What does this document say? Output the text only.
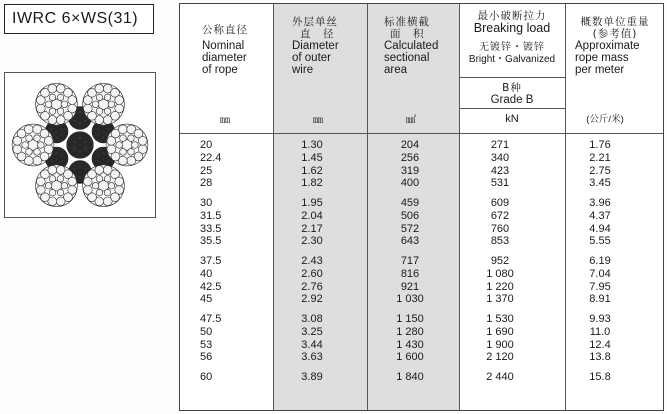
IWRC 6×WS(31)
公称直径
Nominal
diameter
of rope
㎜
外层单丝
直　径
Diameter
of outer
wire
㎜
标准横截
面　积
Calculated
sectional
area
㎟
最小破断拉力
Breaking load
无镀锌・镀锌
Bright・Galvanized
B种
Grade B
kN
概数单位重量
(参考值)
Approximate
rope mass
per meter
(公斤/米)
20	1.30	204	271	1.76
22.4	1.45	256	340	2.21
25	1.62	319	423	2.75
28	1.82	400	531	3.45
30	1.95	459	609	3.96
31.5	2.04	506	672	4.37
33.5	2.17	572	760	4.94
35.5	2.30	643	853	5.55
37.5	2.43	717	952	6.19
40	2.60	816	1 080	7.04
42.5	2.76	921	1 220	7.95
45	2.92	1 030	1 370	8.91
47.5	3.08	1 150	1 530	9.93
50	3.25	1 280	1 690	11.0
53	3.44	1 430	1 900	12.4
56	3.63	1 600	2 120	13.8
60	3.89	1 840	2 440	15.8
